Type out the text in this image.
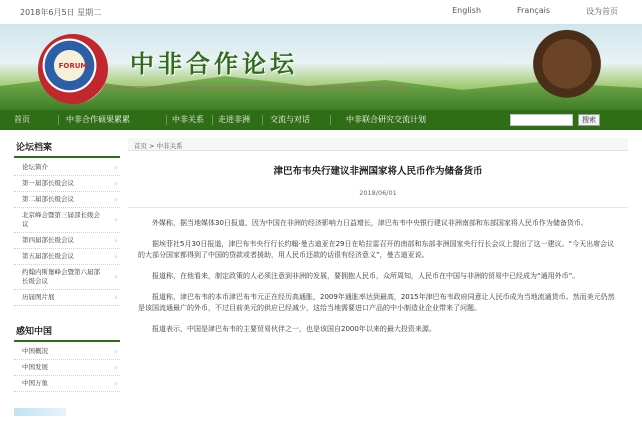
2018年6月5日 星期二	English	Français	设为首页
FORUM	中非合作论坛
首页	中非合作硕果累累	中非关系 走进非洲	交流与对话	中非联合研究交流计划	搜索
论坛档案
论坛简介	»
第一届部长级会议	»
第二届部长级会议	»
北京峰会暨第三届部长级会议	»
第四届部长级会议	»
第五届部长级会议	»
约翰内斯堡峰会暨第六届部长级会议	»
历届图片展	»
感知中国
中国概况	»
中国发展	»
中国万象	»
首页 > 中非关系
津巴布韦央行建议非洲国家将人民币作为储备货币
2018/06/01

外媒称，据当地媒体30日报道，因为中国在非洲的经济影响力日益增长，津巴布韦中央银行建议非洲南部和东部国家将人民币作为储备货币。

据埃菲社5月30日报道，津巴布韦央行行长约翰·曼古迪亚在29日在哈拉雷召开的南部和东部非洲国家央行行长会议上提出了这一建议。“今天出席会议的大部分国家都得到了中国的贷款或者援助，用人民币还款的话很有经济意义”，曼古迪亚说。

报道称，在他看来，制定政策的人必须注意到非洲的发展，要拥抱人民币，众所周知，人民币在中国与非洲的贸易中已经成为“通用外币”。

报道称，津巴布韦的本币津巴布韦元正在经历高通胀，2009年通胀率达到最高，2015年津巴布韦政府同意让人民币成为当地流通货币。然而美元仍然是该国流通最广的外币，不过目前美元的供应已经减少，这给当地需要进口产品的中小制造业企业带来了问题。

报道表示，中国是津巴布韦的主要贸易伙伴之一，也是该国自2000年以来的最大投资来源。
